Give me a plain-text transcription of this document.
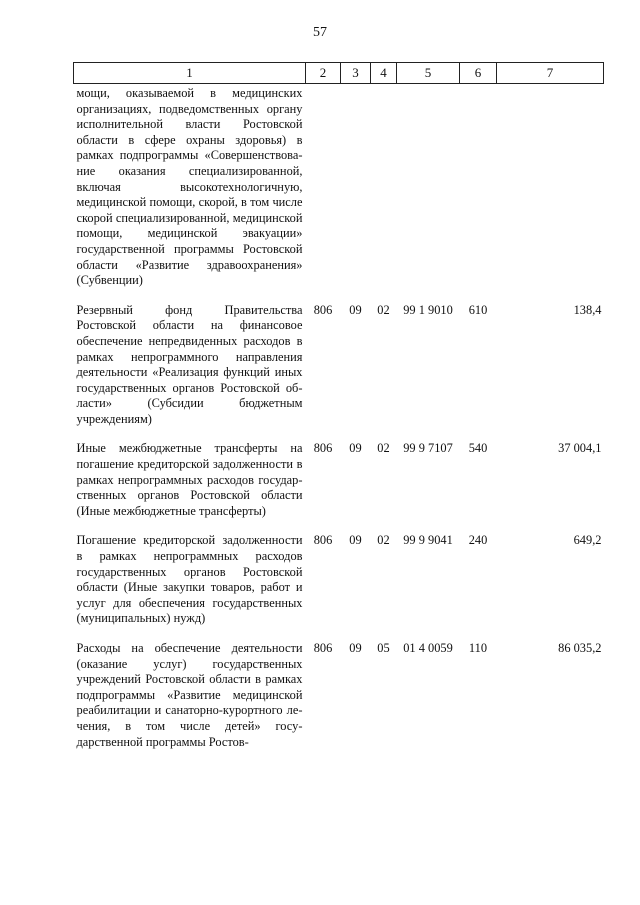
57
1	2	3	4	5	6	7
мощи, оказываемой в медицинских организациях, подведомственных органу исполнительной власти Ростовской области в сфере охраны здоровья) в рамках подпрограммы «Совершенствование оказания специализированной, включая высокотехнологичную, медицинской помощи, скорой, в том числе скорой специализированной, медицинской помощи, медицинской эвакуации» государственной программы Ростовской области «Развитие здравоохранения» (Субвенции)						
Резервный фонд Правительства Ростовской области на финансовое обеспечение непредвиденных расходов в рамках непрограммного направления деятельности «Реализация функций иных государственных органов Ростовской области» (Субсидии бюджетным учреждениям)	806	09	02	99 1 9010	610	138,4
Иные межбюджетные трансферты на погашение кредиторской задолженности в рамках непрограммных расходов государственных органов Ростовской области (Иные межбюджетные трансферты)	806	09	02	99 9 7107	540	37 004,1
Погашение кредиторской задолженности в рамках непрограммных расходов государственных органов Ростовской области (Иные закупки товаров, работ и услуг для обеспечения государственных (муниципальных) нужд)	806	09	02	99 9 9041	240	649,2
Расходы на обеспечение деятельности (оказание услуг) государственных учреждений Ростовской области в рамках подпрограммы «Развитие медицинской реабилитации и санаторно-курортного лечения, в том числе детей» государственной программы Ростов-	806	09	05	01 4 0059	110	86 035,2
